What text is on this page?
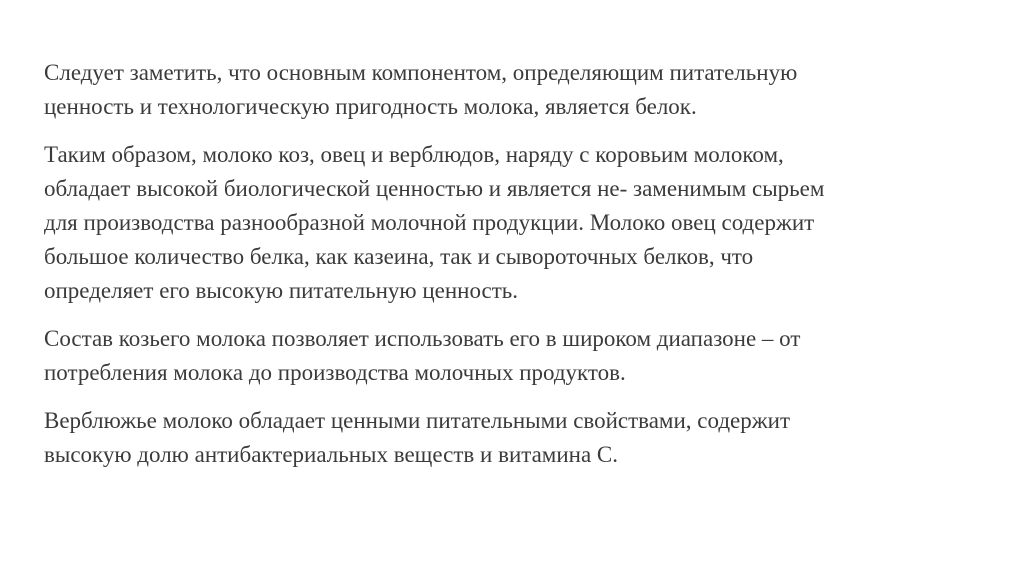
Следует заметить, что основным компонентом, определяющим питательную
ценность и технологическую пригодность молока, является белок.

Таким образом, молоко коз, овец и верблюдов, наряду с коровьим молоком,
обладает высокой биологической ценностью и является не- заменимым сырьем
для производства разнообразной молочной продукции. Молоко овец содержит
большое количество белка, как казеина, так и сывороточных белков, что
определяет его высокую питательную ценность.

Состав козьего молока позволяет использовать его в широком диапазоне – от
потребления молока до производства молочных продуктов.

Верблюжье молоко обладает ценными питательными свойствами, содержит
высокую долю антибактериальных веществ и витамина С.
